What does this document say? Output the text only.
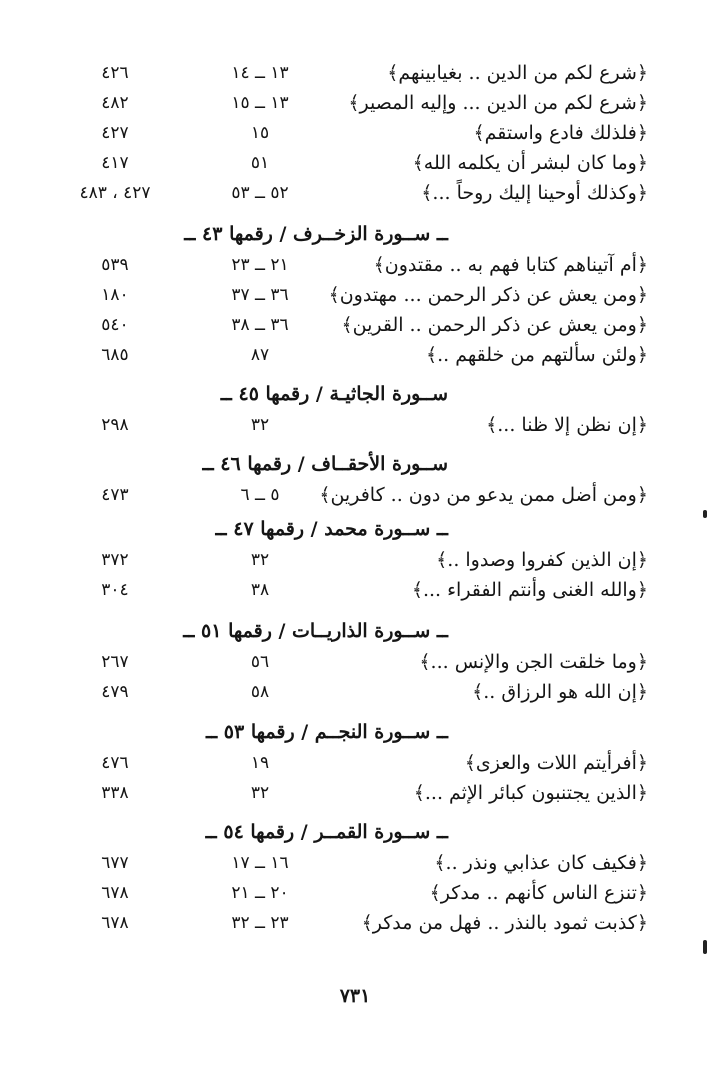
﴿شرع لكم من الدين .. بغيابينهم﴾
١٣ ــ ١٤
٤٢٦
﴿شرع لكم من الدين ... وإليه المصير﴾
١٣ ــ ١٥
٤٨٢
﴿فلذلك فادع واستقم﴾
١٥
٤٢٧
﴿وما كان لبشر أن يكلمه الله﴾
٥١
٤١٧
﴿وكذلك أوحينا إليك روحاً ...﴾
٥٢ ــ ٥٣
٤٢٧ ، ٤٨٣
ــ ســورة الزخــرف / رقمها ٤٣ ــ
﴿أم آتيناهم كتابا فهم به .. مقتدون﴾
٢١ ــ ٢٣
٥٣٩
﴿ومن يعش عن ذكر الرحمن ... مهتدون﴾
٣٦ ــ ٣٧
١٨٠
﴿ومن يعش عن ذكر الرحمن .. القرين﴾
٣٦ ــ ٣٨
٥٤٠
﴿ولئن سألتهم من خلقهم ..﴾
٨٧
٦٨٥
ســورة الجاثيـة / رقمها ٤٥ ــ
﴿إن نظن إلا ظنا ...﴾
٣٢
٢٩٨
ســورة الأحقــاف / رقمها ٤٦ ــ
﴿ومن أضل ممن يدعو من دون .. كافرين﴾
٥ ــ ٦
٤٧٣
ــ ســورة محمد / رقمها ٤٧ ــ
﴿إن الذين كفروا وصدوا ..﴾
٣٢
٣٧٢
﴿والله الغنى وأنتم الفقراء ...﴾
٣٨
٣٠٤
ــ ســورة الذاريــات / رقمها ٥١ ــ
﴿وما خلقت الجن والإنس ...﴾
٥٦
٢٦٧
﴿إن الله هو الرزاق ..﴾
٥٨
٤٧٩
ــ ســورة النجــم / رقمها ٥٣ ــ
﴿أفرأيتم اللات والعزى﴾
١٩
٤٧٦
﴿الذين يجتنبون كبائر الإثم ...﴾
٣٢
٣٣٨
ــ ســورة القمــر / رقمها ٥٤ ــ
﴿فكيف كان عذابي ونذر ..﴾
١٦ ــ ١٧
٦٧٧
﴿تنزع الناس كأنهم .. مدكر﴾
٢٠ ــ ٢١
٦٧٨
﴿كذبت ثمود بالنذر .. فهل من مدكر﴾
٢٣ ــ ٣٢
٦٧٨
٧٣١
